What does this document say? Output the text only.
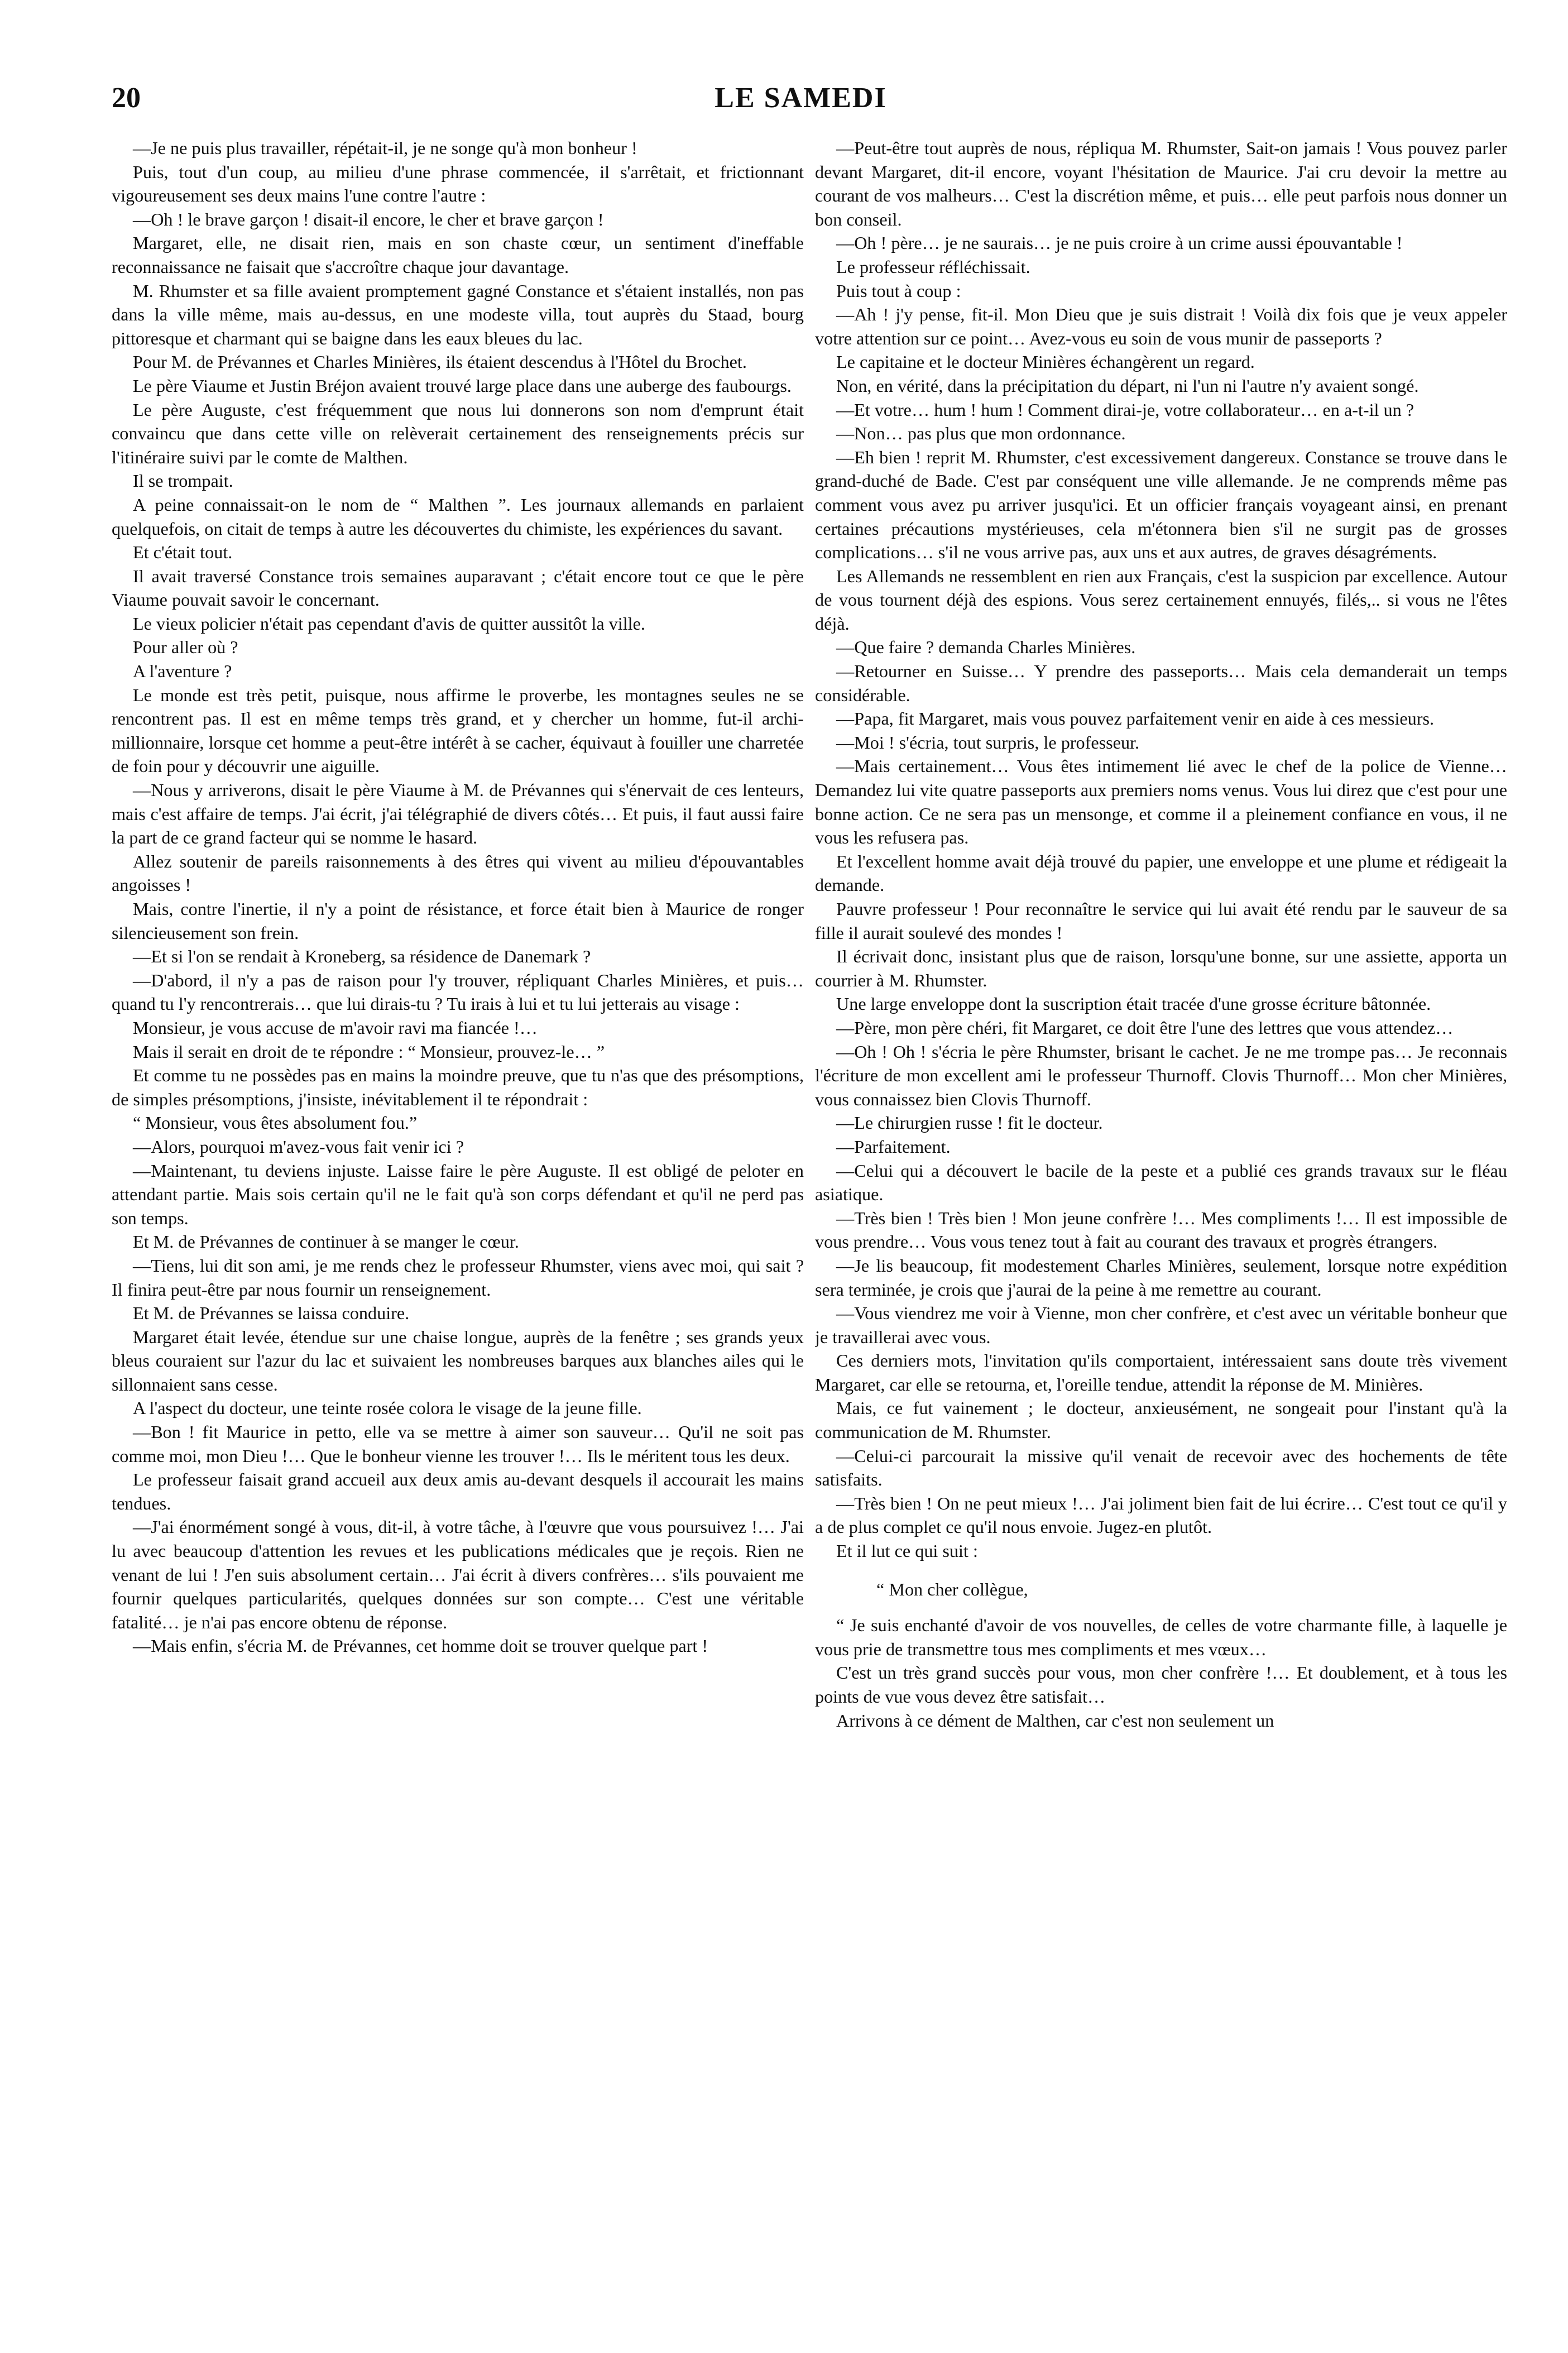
20	LE SAMEDI

—Je ne puis plus travailler, répétait-il, je ne songe qu'à mon bonheur !

Puis, tout d'un coup, au milieu d'une phrase commencée, il s'arrêtait, et frictionnant vigoureusement ses deux mains l'une contre l'autre :

—Oh ! le brave garçon ! disait-il encore, le cher et brave garçon !

Margaret, elle, ne disait rien, mais en son chaste cœur, un sentiment d'ineffable reconnaissance ne faisait que s'accroître chaque jour davantage.

M. Rhumster et sa fille avaient promptement gagné Constance et s'étaient installés, non pas dans la ville même, mais au-dessus, en une modeste villa, tout auprès du Staad, bourg pittoresque et charmant qui se baigne dans les eaux bleues du lac.

Pour M. de Prévannes et Charles Minières, ils étaient descendus à l'Hôtel du Brochet.

Le père Viaume et Justin Bréjon avaient trouvé large place dans une auberge des faubourgs.

Le père Auguste, c'est fréquemment que nous lui donnerons son nom d'emprunt était convaincu que dans cette ville on relèverait certainement des renseignements précis sur l'itinéraire suivi par le comte de Malthen.

Il se trompait.

A peine connaissait-on le nom de “ Malthen ”. Les journaux allemands en parlaient quelquefois, on citait de temps à autre les découvertes du chimiste, les expériences du savant.

Et c'était tout.

Il avait traversé Constance trois semaines auparavant ; c'était encore tout ce que le père Viaume pouvait savoir le concernant.

Le vieux policier n'était pas cependant d'avis de quitter aussitôt la ville.

Pour aller où ?

A l'aventure ?

Le monde est très petit, puisque, nous affirme le proverbe, les montagnes seules ne se rencontrent pas. Il est en même temps très grand, et y chercher un homme, fut-il archi-millionnaire, lorsque cet homme a peut-être intérêt à se cacher, équivaut à fouiller une charretée de foin pour y découvrir une aiguille.

—Nous y arriverons, disait le père Viaume à M. de Prévannes qui s'énervait de ces lenteurs, mais c'est affaire de temps. J'ai écrit, j'ai télégraphié de divers côtés… Et puis, il faut aussi faire la part de ce grand facteur qui se nomme le hasard.

Allez soutenir de pareils raisonnements à des êtres qui vivent au milieu d'épouvantables angoisses !

Mais, contre l'inertie, il n'y a point de résistance, et force était bien à Maurice de ronger silencieusement son frein.

—Et si l'on se rendait à Kroneberg, sa résidence de Danemark ?

—D'abord, il n'y a pas de raison pour l'y trouver, répliquant Charles Minières, et puis… quand tu l'y rencontrerais… que lui dirais-tu ? Tu irais à lui et tu lui jetterais au visage :

Monsieur, je vous accuse de m'avoir ravi ma fiancée !…

Mais il serait en droit de te répondre : “ Monsieur, prouvez-le… ”

Et comme tu ne possèdes pas en mains la moindre preuve, que tu n'as que des présomptions, de simples présomptions, j'insiste, inévitablement il te répondrait :

“ Monsieur, vous êtes absolument fou.”

—Alors, pourquoi m'avez-vous fait venir ici ?

—Maintenant, tu deviens injuste. Laisse faire le père Auguste. Il est obligé de peloter en attendant partie. Mais sois certain qu'il ne le fait qu'à son corps défendant et qu'il ne perd pas son temps.

Et M. de Prévannes de continuer à se manger le cœur.

—Tiens, lui dit son ami, je me rends chez le professeur Rhumster, viens avec moi, qui sait ? Il finira peut-être par nous fournir un renseignement.

Et M. de Prévannes se laissa conduire.

Margaret était levée, étendue sur une chaise longue, auprès de la fenêtre ; ses grands yeux bleus couraient sur l'azur du lac et suivaient les nombreuses barques aux blanches ailes qui le sillonnaient sans cesse.

A l'aspect du docteur, une teinte rosée colora le visage de la jeune fille.

—Bon ! fit Maurice in petto, elle va se mettre à aimer son sauveur… Qu'il ne soit pas comme moi, mon Dieu !… Que le bonheur vienne les trouver !… Ils le méritent tous les deux.

Le professeur faisait grand accueil aux deux amis au-devant desquels il accourait les mains tendues.

—J'ai énormément songé à vous, dit-il, à votre tâche, à l'œuvre que vous poursuivez !… J'ai lu avec beaucoup d'attention les revues et les publications médicales que je reçois. Rien ne venant de lui ! J'en suis absolument certain… J'ai écrit à divers confrères… s'ils pouvaient me fournir quelques particularités, quelques données sur son compte… C'est une véritable fatalité… je n'ai pas encore obtenu de réponse.

—Mais enfin, s'écria M. de Prévannes, cet homme doit se trouver quelque part !

—Peut-être tout auprès de nous, répliqua M. Rhumster, Sait-on jamais ! Vous pouvez parler devant Margaret, dit-il encore, voyant l'hésitation de Maurice. J'ai cru devoir la mettre au courant de vos malheurs… C'est la discrétion même, et puis… elle peut parfois nous donner un bon conseil.

—Oh ! père… je ne saurais… je ne puis croire à un crime aussi épouvantable !

Le professeur réfléchissait.

Puis tout à coup :

—Ah ! j'y pense, fit-il. Mon Dieu que je suis distrait ! Voilà dix fois que je veux appeler votre attention sur ce point… Avez-vous eu soin de vous munir de passeports ?

Le capitaine et le docteur Minières échangèrent un regard.

Non, en vérité, dans la précipitation du départ, ni l'un ni l'autre n'y avaient songé.

—Et votre… hum ! hum ! Comment dirai-je, votre collaborateur… en a-t-il un ?

—Non… pas plus que mon ordonnance.

—Eh bien ! reprit M. Rhumster, c'est excessivement dangereux. Constance se trouve dans le grand-duché de Bade. C'est par conséquent une ville allemande. Je ne comprends même pas comment vous avez pu arriver jusqu'ici. Et un officier français voyageant ainsi, en prenant certaines précautions mystérieuses, cela m'étonnera bien s'il ne surgit pas de grosses complications… s'il ne vous arrive pas, aux uns et aux autres, de graves désagréments.

Les Allemands ne ressemblent en rien aux Français, c'est la suspicion par excellence. Autour de vous tournent déjà des espions. Vous serez certainement ennuyés, filés,.. si vous ne l'êtes déjà.

—Que faire ? demanda Charles Minières.

—Retourner en Suisse… Y prendre des passeports… Mais cela demanderait un temps considérable.

—Papa, fit Margaret, mais vous pouvez parfaitement venir en aide à ces messieurs.

—Moi ! s'écria, tout surpris, le professeur.

—Mais certainement… Vous êtes intimement lié avec le chef de la police de Vienne… Demandez lui vite quatre passeports aux premiers noms venus. Vous lui direz que c'est pour une bonne action. Ce ne sera pas un mensonge, et comme il a pleinement confiance en vous, il ne vous les refusera pas.

Et l'excellent homme avait déjà trouvé du papier, une enveloppe et une plume et rédigeait la demande.

Pauvre professeur ! Pour reconnaître le service qui lui avait été rendu par le sauveur de sa fille il aurait soulevé des mondes !

Il écrivait donc, insistant plus que de raison, lorsqu'une bonne, sur une assiette, apporta un courrier à M. Rhumster.

Une large enveloppe dont la suscription était tracée d'une grosse écriture bâtonnée.

—Père, mon père chéri, fit Margaret, ce doit être l'une des lettres que vous attendez…

—Oh ! Oh ! s'écria le père Rhumster, brisant le cachet. Je ne me trompe pas… Je reconnais l'écriture de mon excellent ami le professeur Thurnoff. Clovis Thurnoff… Mon cher Minières, vous connaissez bien Clovis Thurnoff.

—Le chirurgien russe ! fit le docteur.

—Parfaitement.

—Celui qui a découvert le bacile de la peste et a publié ces grands travaux sur le fléau asiatique.

—Très bien ! Très bien ! Mon jeune confrère !… Mes compliments !… Il est impossible de vous prendre… Vous vous tenez tout à fait au courant des travaux et progrès étrangers.

—Je lis beaucoup, fit modestement Charles Minières, seulement, lorsque notre expédition sera terminée, je crois que j'aurai de la peine à me remettre au courant.

—Vous viendrez me voir à Vienne, mon cher confrère, et c'est avec un véritable bonheur que je travaillerai avec vous.

Ces derniers mots, l'invitation qu'ils comportaient, intéressaient sans doute très vivement Margaret, car elle se retourna, et, l'oreille tendue, attendit la réponse de M. Minières.

Mais, ce fut vainement ; le docteur, anxieusément, ne songeait pour l'instant qu'à la communication de M. Rhumster.

—Celui-ci parcourait la missive qu'il venait de recevoir avec des hochements de tête satisfaits.

—Très bien ! On ne peut mieux !… J'ai joliment bien fait de lui écrire… C'est tout ce qu'il y a de plus complet ce qu'il nous envoie. Jugez-en plutôt.

Et il lut ce qui suit :

“ Mon cher collègue,

“ Je suis enchanté d'avoir de vos nouvelles, de celles de votre charmante fille, à laquelle je vous prie de transmettre tous mes compliments et mes vœux…

C'est un très grand succès pour vous, mon cher confrère !… Et doublement, et à tous les points de vue vous devez être satisfait…

Arrivons à ce dément de Malthen, car c'est non seulement un
